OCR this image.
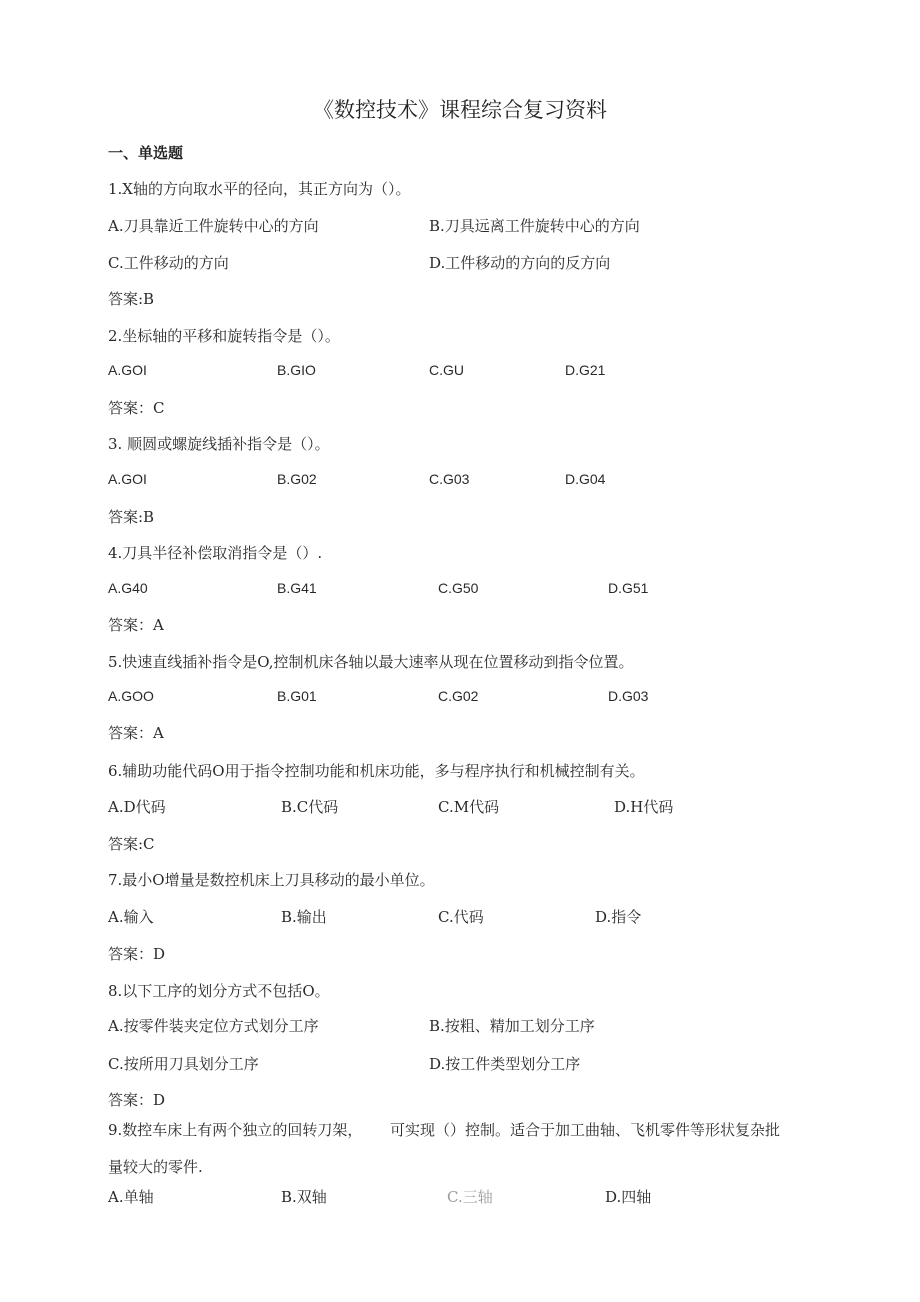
《数控技术》课程综合复习资料
一、单选题
1.X轴的方向取水平的径向，其正方向为（）。
A.刀具靠近工件旋转中心的方向	B.刀具远离工件旋转中心的方向
C.工件移动的方向	D.工件移动的方向的反方向
答案:B
2.坐标轴的平移和旋转指令是（）。
A.GOI	B.GIO	C.GU	D.G21
答案：C
3. 顺圆或螺旋线插补指令是（）。
A.GOI	B.G02	C.G03	D.G04
答案:B
4.刀具半径补偿取消指令是（）.
A.G40	B.G41	C.G50	D.G51
答案：A
5.快速直线插补指令是O,控制机床各轴以最大速率从现在位置移动到指令位置。
A.GOO	B.G01	C.G02	D.G03
答案：A
6.辅助功能代码O用于指令控制功能和机床功能，多与程序执行和机械控制有关。
A.D代码	B.C代码	C.M代码	D.H代码
答案:C
7.最小O增量是数控机床上刀具移动的最小单位。
A.输入	B.输出	C.代码	D.指令
答案：D
8.以下工序的划分方式不包括O。
A.按零件装夹定位方式划分工序	B.按粗、精加工划分工序
C.按所用刀具划分工序	D.按工件类型划分工序
答案：D
9.数控车床上有两个独立的回转刀架， 可实现（）控制。适合于加工曲轴、飞机零件等形状复杂批
量较大的零件.
A.单轴	B.双轴	C.三轴	D.四轴
